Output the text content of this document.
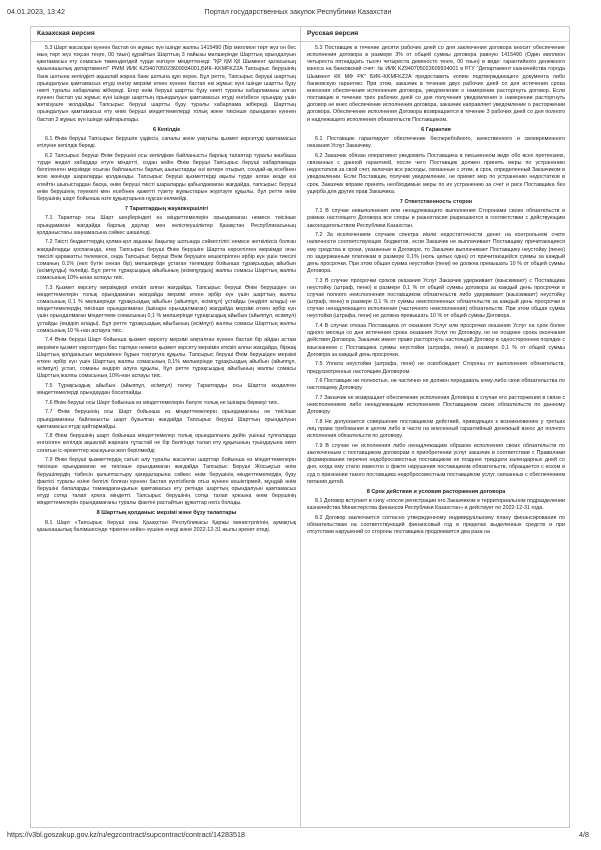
04.01.2023, 13:42	Портал государственных закупок Республики Казахстан
Казахская версия
5.3 Шарт жасасқан күннен бастап он жұмыс күн ішінде жалпы 1415490 (Бір миллион төрт жүз он бес мың төрт жүз тоқсан теңге, 00 тиын) құрайтын Шарттың 3 пайызы мөлшерінде Шарттың орындалуын қамтамасыз ету сомасын төмендегідей түрде енгізуге міндеттенеді: "ҚР ҚМ ҚК Шымкент қаласының қазынашылық департаменті" РММ ИИК KZ940705023609934001,БИК–KKMFKZ2A Тапсырыс берушінің банк шотына кепілдікті ақшалай жарна банк шотына құю керек. Бұл ретте, Тапсырыс беруші шарттың орындалуын қамтамасыз етуді енгізу мерзімі өткен күннен бастап екі жұмыс күні ішінде шартты бұзу ниеті туралы хабарлама жібереді. Егер өнім беруші шартты бұзу ниеті туралы хабарламаны алған күннен бастап үш жұмыс күні ішінде шарттың орындалуын қамтамасыз етуді енгізбесе орындау ушін жеткізушге жолдайды Тапсырыс беруші шартты бұзу туралы хабарлама жібереді. Шарттың орындалуын қамтамасыз ету өнім беруші міндеттемелерді толық және тиісінше орындаған күннен бастап 3 жұмыс күн ішінде қайтарылады.
6 Кепілдік
6.1 Өнім беруші Тапсырыс берушіге үздіксіз, сапалы және уақтылы қызмет көрсетуді қамтамасыз етілуіне кепілдік береді.
6.2 Тапсырыс беруші Өнім берушіні осы кепілдікке байланысты барлық талаптар туралы жазбаша түрде жедел хабардар етуге міндетті, содан кейін Өнім беруші Тапсырыс беруші хабарламада белгіленген мерзімде осыған байланысты барлық шығыстарды өзі көтере отырып, сондай-ақ есебінен жою жөнінде шараларды қолданады. Тапсырыс беруші қызметтерді ақылы түрде алған кезде өзі өтейтін шығыстардан басқа, өнім беруші тиісті шараларды қабылдамаған жағдайда, тапсырыс беруші өнім берушінің тәуекелі мен есебінен қажетті түзету жұмыстарын жүргізуге құқылы, бұл ретте өнім берушінің шарт бойынша өзге құқықтарына нұқсан келмейді.
7 Тараптардың жауапкершілігі
7.1 Тараптар осы Шарт шеңберіндегі өз міндеттемелерін орындамаған немесе тиісінше орындамаған жағдайда барлық даулар мен келіспеушіліктер Қазақстан Республикасының қолданыстағы заңнамасына сәйкес шешіледі.
7.2 Тиісті бюджеттердің қолма-қол ақшаны бақылау шотында сәйкестілігі немесе жеткіліксіз болған жағдайларды қоспағанда, егер Тапсырыс беруші Өнім берушіге Шартта көрсетілген мерзімде оған тиесілі қаражатты төлемесе, онда Тапсырыс беруші Өнім берушіге кешіктірілген әрбір күн үшін тиесілі соманың 0,1% (нөл бүтін оннан бір) мөлшерінде ұстаған төлемдер бойынша тұрақсыздық айыбын (өсімпұлды) төлейді. Бұл ретте тұрақсыздық айыбының (өсімпұлдың) жалпы сомасы Шарттың жалпы сомасының 10%-ынан аспауы тиіс.
7.3 Қызмет көрсету мерзімдері өткізіп алған жағдайда, Тапсырыс беруші Өнім берушіден он міндеттемелерін толық орындамаған жағдайда мерзімі өткен әрбір күн үшін шарттың жалпы сомасының 0,1 % мөлшерінде тұрақсыздық айыбын (айыппұл, өсімпұл) ұстайды (өндіріп алады) не міндеттемелердің тиісінше орындалмаған (ішінара орындалмаған) жағдайда мерзімі өткен әрбір күн үшін орындалмаған міндеттеме сомасының 0,1 % мөлшерінде тұрақсыздық айыбын (айыппұл, өсімпұл) ұстайды (өндіріп алады). Бұл ретте тұрақсыздық айыбының (өсімпұл) жалпы сомасы Шарттың жалпы сомасының 10 %-нан аспауға тиіс.
7.4 Өнім беруші Шарт бойынша қызмет көрсету мерзімі аяқталған күннен бастап бір айдан астам мерзімге қызмет көрсетуден бас тартқан немесе қызмет көрсету мерзімін өткізіп алған жағдайда, біржақ Шарттың қолданысын мерзімінен бұрын тоқтатуға құқылы. Тапсырыс беруші Өнім берушіден мерзімі өткен әрбір күн үшін Шарттың жалпы сомасының 0,1% мөлшерінде тұрақсыздық айыбын (айыппұл, өсімпұл) ұстап, соманы өндіріп алуға құқылы, бұл ретте тұрақсыздық айыбының жалпы сомасы Шарттың жалпы сомасының 10%-нан аспауы тиіс.
7.5 Тұрақсыздық айыбын (айыппұл, өсімпұл) төлеу Тараптарды осы Шартта көзделген міндеттемелерді орындаудан босатпайды.
7.6 Өнім беруші осы Шарт бойынша өз міндеттемелерін бөлуге толық не ішінара бермеуі тиіс.
7.7 Өнім берушінің осы Шарт бойынша өз міндеттемелерін орындамағаны не тиісінше орындамағаны байланысты шарт бұзылған жағдайда Тапсырыс беруші Шарттың орындалуын қамтамасыз етуді қайтармайды.
7.8 Өнім берушінің шарт бойынша міндеттемелер толық орындалғанға дейін үшінші тұлғаларда енгізілген кепілдік ақшалай жарнаға тұтастай не бір бөлігінде талап ету құқығының туындауына әкеп соғатын іс-әрекеттер жасауына жол берілмейді.
7.9 Өнім беруші қызметтердің сатып алу туралы жасалған шарттар бойынша өз міндеттемелерін тиісінше орындамаған не тиісінше орындамаған жағдайда Тапсырыс Беруші Жосықсыз өнім берушілердің тізбесін қалыптастыру қағидаларына сәйкес өнім берушінің міндеттемелердің бұзу фактісі туралы өзіне белгілі болған күннен бастап күнтізбелік отыз күннен кешіктірмей, мұндай өнім берушіні бапаларды тәмамдағандығын қамтамасыз ету ретінде шарттың орындалуын қамтамасыз етуді сотқа талап қоюға міндетті. Тапсырыс берушінің сотқа талап қоюына өнім берушінің міндеттемелерін орындамағаны туралы фактіні растайтын құжаттар негіз болады.
8 Шарттың қолданыс мерзімі және бұзу талаптары
8.1 Шарт «Тапсырыс беруші оны Қазақстан Республикасы Қаржы министрлігінің аумақтық қазынашылық бөлімшесінде тіркеген кейін» күшіне енеді және 2022-12-31 жылы әрекет етеді.
Русская версия
5.3 Поставщик в течение десяти рабочих дней со дня заключения договора вносит обеспечение исполнения договора в размере 3% от общей суммы договора равную 1415490 (Один миллион четыреста пятнадцать тысяч четыреста девяносто тенге, 00 тиын) в виде: гарантийного денежного взноса на банковский счет: № ИИК KZ940705023609934001 в РГУ "Департамент казначейства города Шымкент КК МФ РК" БИК–KKMFKZ2A предоставить копию подтверждающего документа либо банковскую гарантию. При этом, заказчик в течение двух рабочих дней со дня истечения срока внесения обеспечения исполнения договора, уведомление о намерении расторгнуть договор. Если поставщик в течение трех рабочих дней со дня получения уведомления о намерении расторгнуть договор не внес обеспечение исполнения договора, заказчик направляет уведомление о расторжении договора. Обеспечение исполнения Договора возвращается в течение 3 рабочих дней со дня полного и надлежащего исполнения обязательств Поставщиком.
6 Гарантия
6.1 Поставщик гарантирует обеспечение бесперебойного, качественного и своевременного оказания Услуг Заказчику.
6.2 Заказчик обязан оперативно уведомить Поставщика в письменном виде обо всех претензиях, связанных с данной гарантией, после чего Поставщик должен принять меры по устранению недостатков за свой счет, включая все расходы, связанные с этим, в срок, определенный Заказчиком в уведомлении. Если Поставщик, получив уведомление, не примет мер по устранению недостатков в срок, Заказчик вправе принять необходимые меры по их устранению за счет и риск Поставщика без ущерба для других прав Заказчика.
7 Ответственность сторон
7.1 В случае невыполнения или ненадлежащего выполнения Сторонами своих обязательств в рамках настоящего Договора все споры и разногласия разрешаются в соответствии с действующим законодательством Республики Казахстан.
7.2 За исключением случаев спектра и/или недостаточности денег на контрольном счете наличности соответствующих бюджетов, если Заказчик не выплачивает Поставщику причитающиеся ему средства в сроки, указанные в Договоре, то Заказчик выплачивает Поставщику неустойку (пеню) по задержанным платежам в размере 0,1% (ноль целых одна) от причитающейся суммы за каждый день просрочки. При этом общая сумма неустойки (пени) не должна превышать 10 % от общей суммы Договора.
7.3 В случае просрочки сроков оказания Услуг Заказчик удерживает (взыскивает) с Поставщика неустойку (штраф, пеню) в размере 0,1 % от общей суммы договора за каждый день просрочки в случае полного неисполнения поставщиком обязательств либо удерживает (взыскивает) неустойку (штраф, пеню) в размере 0,1 % от суммы неисполненных обязательств за каждый день просрочки в случае ненадлежащего исполнения (частичного неисполнения) обязательств. При этом общая сумма неустойки (штрафа, пени) не должна превышать 10 % от общей суммы Договора.
7.4 В случае отказа Поставщика от оказания Услуг или просрочки оказания Услуг на срок более одного месяца со дня истечения срока оказания Услуг по Договору, но не позднее срока окончания действия Договора, Заказчик имеет право расторгнуть настоящий Договор в одностороннем порядке с взысканием с Поставщика суммы неустойки (штрафа, пени) в размере 0,1 % от общей суммы Договора за каждый день просрочки.
7.5 Уплата неустойки (штрафа, пени) не освобождает Стороны от выполнения обязательств, предусмотренных настоящим Договором.
7.6 Поставщик ни полностью, ни частично не должен передавать кому-либо свои обязательства по настоящему Договору.
7.7 Заказчик не возвращает обеспечение исполнения Договора в случае его расторжения в связи с неисполнением либо ненадлежащим исполнением Поставщиком своих обязательств по данному Договору.
7.8 Не допускается совершение поставщиком действий, приводящих к возникновению у третьих лиц права требования в целом либо в части на внесенный гарантийный денежный взнос до полного исполнения обязательств по договору.
7.9 В случае не исполнения либо ненадлежащим образом исполнения своих обязательств по заключенным с поставщиком договорам о приобретении услуг заказчик в соответствии с Правилами формирования перечня недобросовестных поставщиков не позднее тридцати календарных дней со дня, когда ему стало известно о факте нарушения поставщиком обязательств, обращается с иском в суд о признании такого поставщика недобросовестным поставщиком услуг, связанных с обеспечением питания детей.
8 Срок действия и условия расторжения договора
8.1 Договор вступает в силу «после регистрации его Заказчиком в территориальном подразделении казначейства Министерства финансов Республики Казахстан» и действует по 2022-12-31 года.
8.2 Договор заключается согласно утвержденному индивидуальному плану финансирования по обязательствам на соответствующий финансовый год в пределах выделенных средств и при отсутствии нарушений со стороны поставщика продлевается два раза на
https://v3bl.goszakup.gov.kz/ru/egzcontract/supcontract/contract/14283518	4/8
